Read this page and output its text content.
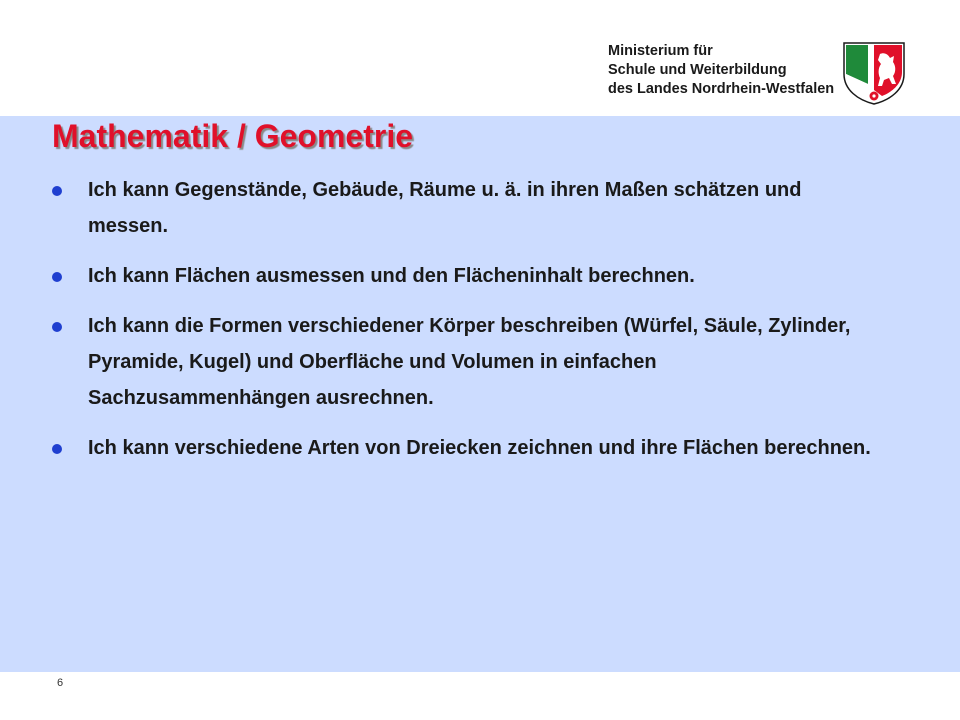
Ministerium für
Schule und Weiterbildung
des Landes Nordrhein-Westfalen
Mathematik / Geometrie
Ich kann Gegenstände, Gebäude, Räume u. ä. in ihren Maßen schätzen und messen.
Ich kann Flächen ausmessen und den Flächeninhalt berechnen.
Ich kann die Formen verschiedener Körper beschreiben (Würfel, Säule, Zylinder, Pyramide, Kugel) und Oberfläche und Volumen in einfachen Sachzusammenhängen ausrechnen.
Ich kann verschiedene Arten von Dreiecken zeichnen und ihre Flächen berechnen.
6
